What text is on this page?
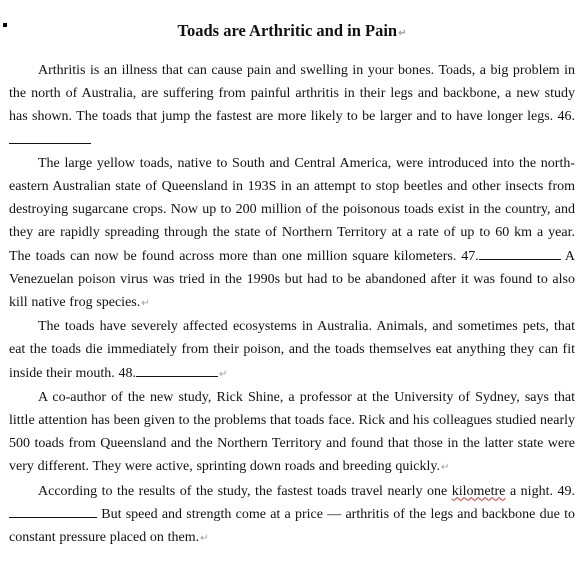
Toads are Arthritic and in Pain↵

Arthritis is an illness that can cause pain and swelling in your bones. Toads, a big problem in the north of Australia, are suffering from painful arthritis in their legs and backbone, a new study has shown. The toads that jump the fastest are more likely to be larger and to have longer legs. 46.

The large yellow toads, native to South and Central America, were introduced into the north-eastern Australian state of Queensland in 193S in an attempt to stop beetles and other insects from destroying sugarcane crops. Now up to 200 million of the poisonous toads exist in the country, and they are rapidly spreading through the state of Northern Territory at a rate of up to 60 km a year. The toads can now be found across more than one million square kilometers. 47.	A Venezuelan poison virus was tried in the 1990s but had to be abandoned after it was found to also kill native frog species.↵

The toads have severely affected ecosystems in Australia. Animals, and sometimes pets, that eat the toads die immediately from their poison, and the toads themselves eat anything they can fit inside their mouth. 48.	↵

A co-author of the new study, Rick Shine, a professor at the University of Sydney, says that little attention has been given to the problems that toads face. Rick and his colleagues studied nearly 500 toads from Queensland and the Northern Territory and found that those in the latter state were very different. They were active, sprinting down roads and breeding quickly.↵

According to the results of the study, the fastest toads travel nearly one kilometre a night. 49. But speed and strength come at a price — arthritis of the legs and backbone due to constant pressure placed on them.↵
